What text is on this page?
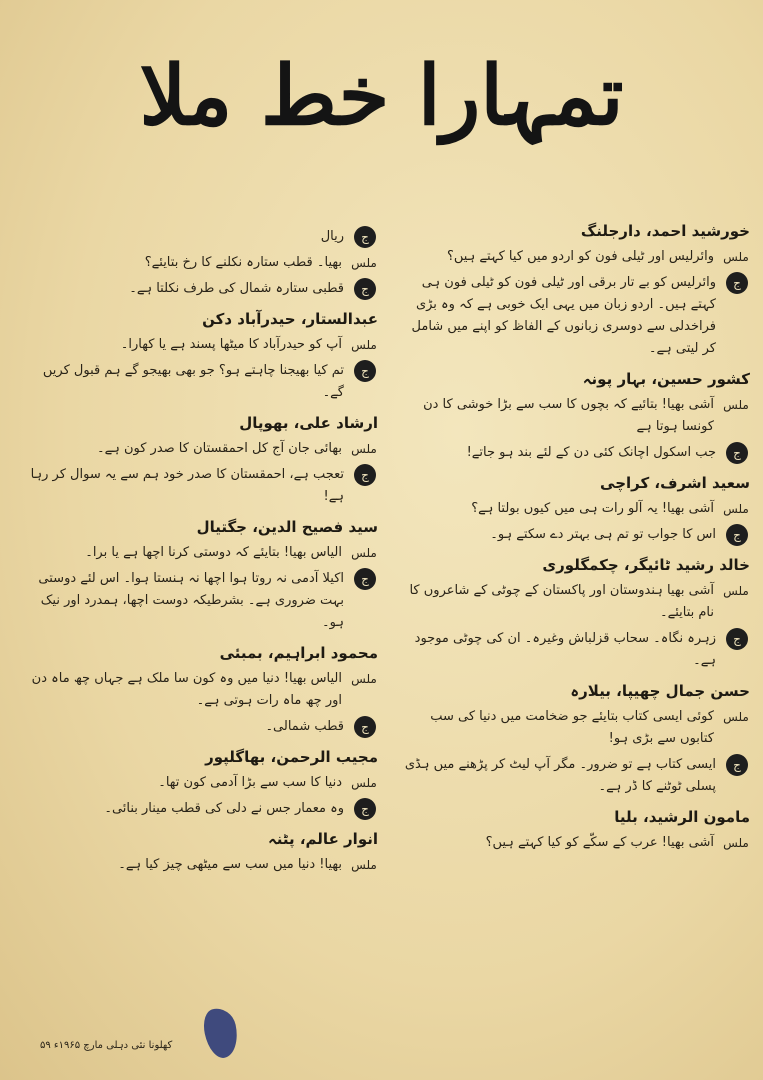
تمہارا خط ملا
خورشید احمد، دارجلنگ
ملس
وائرلیس اور ٹیلی فون کو اردو میں کیا کہتے ہیں؟
ج
وائرلیس کو بے تار برقی اور ٹیلی فون کو ٹیلی فون ہی کہتے ہیں۔ اردو زبان میں یہی ایک خوبی ہے کہ وہ بڑی فراخدلی سے دوسری زبانوں کے الفاظ کو اپنے میں شامل کر لیتی ہے۔
کشور حسین، بہار پونہ
ملس
آشی بھیا! بتائیے کہ بچوں کا سب سے بڑا خوشی کا دن کونسا ہوتا ہے
ج
جب اسکول اچانک کئی دن کے لئے بند ہو جاتے!
سعید اشرف، کراچی
ملس
آشی بھیا! یہ آلو رات ہی میں کیوں بولتا ہے؟
ج
اس کا جواب تو تم ہی بہتر دے سکتے ہو۔
خالد رشید ٹائیگر، چکمگلوری
ملس
آشی بھیا ہندوستان اور پاکستان کے چوٹی کے شاعروں کا نام بتایئے۔
ج
زہرہ نگاہ۔ سحاب قزلباش وغیرہ۔ ان کی چوٹی موجود ہے۔
حسن جمال چھیپا، بیلارہ
ملس
کوئی ایسی کتاب بتایئے جو ضخامت میں دنیا کی سب کتابوں سے بڑی ہو!
ج
ایسی کتاب ہے تو ضرور۔ مگر آپ لیٹ کر پڑھنے میں ہڈی پسلی ٹوٹنے کا ڈر ہے۔
مامون الرشید، بلیا
ملس
آشی بھیا! عرب کے سکّے کو کیا کہتے ہیں؟
ج
ریال
ملس
بھیا۔ قطب ستارہ نکلنے کا رخ بتایئے؟
ج
قطبی ستارہ شمال کی طرف نکلتا ہے۔
عبدالستار، حیدرآباد دکن
ملس
آپ کو حیدرآباد کا میٹھا پسند ہے یا کھارا۔
ج
تم کیا بھیجنا چاہتے ہو؟ جو بھی بھیجو گے ہم قبول کریں گے۔
ارشاد علی، بھوپال
ملس
بھائی جان آج کل احمقستان کا صدر کون ہے۔
ج
تعجب ہے، احمقستان کا صدر خود ہم سے یہ سوال کر رہا ہے!
سید فصیح الدین، جگتیال
ملس
الیاس بھیا! بتایئے کہ دوستی کرنا اچھا ہے یا برا۔
ج
اکیلا آدمی نہ روتا ہوا اچھا نہ ہنستا ہوا۔ اس لئے دوستی بہت ضروری ہے۔ بشرطیکہ دوست اچھا، ہمدرد اور نیک ہو۔
محمود ابراہیم، بمبئی
ملس
الیاس بھیا! دنیا میں وہ کون سا ملک ہے جہاں چھ ماہ دن اور چھ ماہ رات ہوتی ہے۔
ج
قطب شمالی۔
مجیب الرحمن، بھاگلپور
ملس
دنیا کا سب سے بڑا آدمی کون تھا۔
ج
وہ معمار جس نے دلی کی قطب مینار بنائی۔
انوار عالم، پٹنہ
ملس
بھیا! دنیا میں سب سے میٹھی چیز کیا ہے۔
کھلونا نئی دہلی مارچ ۱۹۶۵ء ۵۹
